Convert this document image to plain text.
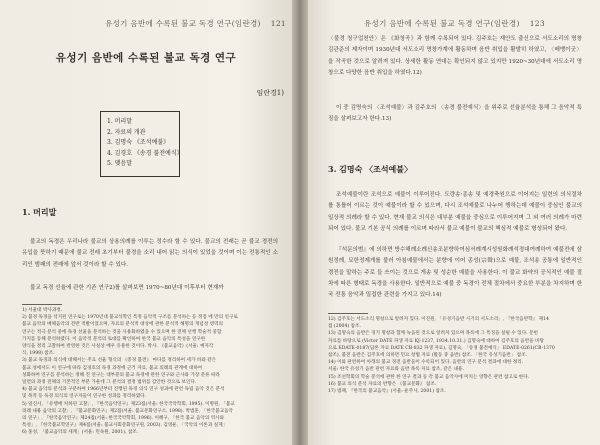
유성기 음반에 수록된 불교 독경 연구(임란경) 121
유성기 음반에 수록된 불교 독경 연구
임란경1)
1. 머리말
2. 자료의 개관
3. 김명숙 《조석예불》
4. 김경호 《송경 불전예식》
5. 맺음말
1. 머리말
불교의 독경은 우리나라 불교의 상용의례를 이루는 정수라 할 수 있다. 불교의 전래는 곧 불교 경전의 유입을 뜻하기 때문에 불교 전래 초기부터 불경을 소리 내어 읽는 의식이 있었을 것이며 이는 전통적인 소리인 범패의 전래에 앞서 것이라 할 수 있다.
불교 독경 선율에 관한 기존 연구2)를 살펴보면 1970~80년대 이후부터 현재까
1) 서울대 박사과정.
2) 불경 독경을 석지된 연구로는 1970년대 불교석학인 특정 음악적 구조를 분석하는 등 정점 애 만의 연구로
불교 음악의 매체음악의 전반 적발이었으며, 자료의 분석적 대상에 관한 분석적 해명의 개념성 영역의
연구는 적극 분석 중에 독경 선율을 분석하는 것을 사용화하였을 수 있으며 한 전체 선행 학술적 중합
가지를 동해 분석하였다. 이 음악적 분석의 토대를 확인하여 한국 불교 음악의 특성을 연구한
양식을 정리 고찰하여 반영한 것은 사실상 매우 유용한 것이다. 박사. 《불교음악》(서울: 예지각
식, 1998) 참조.
3) 불교 독경과 의식에 대해서는 주요 선율 형식의 《증경 불전》 마다를 정리하여 세가 바와 같은
불교 성에서도 이 연구에 따라 김경호의 독경 과정에 근거 자료, 불교 의례의 관계에 대하여
성화하여 연구를 분석하는 정해 진 연구는 대부분의 불교 독경에 관한 연구와 근사와 가장 분류 따라
일련의 과정 전체의 기본적인 부분 가운데 그 분석의 결정 범위를 감안한 것으로 보인다.
4) 불교 음악의 분석과 구분하여 1966년부터 진행된 독경 의식 연구 성과에 관련 독립 음악 것은 분석
및 목적 등 독경 의식의 연구자들이 연구한 성과를 정리하였다.
5) 일신사, 「유행에 처하된 고찰」, 『한국음악연구』제23집(서울: 한국국악학회, 1995). 이병원, 「불교
의례 내용 음악의 고찰」, 『불교문화연구』제2집(서울: 불교문화연구소, 1998). 박범훈, 「한국불교음악
의 연구」, 『한국음악연구』제24집(서울: 한국국악학회, 1996). 이혜구, 「한국 불교 음악의 역사와
특성」, 『한국불교학연구』제4집(서울: 불교사회문화연구원, 2003). 김영운, 「국악의 이론과 실제」
6) 홍성, 「불교음악의 세계」(서울: 민속원, 2001), 참조.
유성기 음반에 수록된 불교 독경 연구(임란경) 123
〈불경 청구업천안〉은 《화청곡》과 함께 수록되어 있다. 김주호는 재안도 출신으로 서도소리의 명창 김관준의 제자이며 1930년대 서도소리 명창가계에 활동하며 음반 취입을 활발히 하였고, 〈배뱅이굿〉을 작곡한 것으로 알려져 있다. 상세한 활동 연대는 확인되지 않고 있지만 1920~30년대에 서도소리 명창으로 다양한 음반 취입을 하였다.12)
이 중 김명숙의 〈조석예불〉과 김주호의 〈송경 불전예식〉을 위주로 선율분석을 통해 그 음악적 특징을 살펴보고자 한다.13)
3. 김명숙 〈조석예불〉
조석예불이란 조석으로 예불이 이루어진다. 도량송·종송 및 예경축원으로 이어지는 일련의 의식절차를 통틀어 이르는 것이 예불이라 할 수 있으며, 다시 조석예불로 나누어 행하는데 예불이 중심인 불교의 일상적 의례라 할 수 있다. 현재 불교 의식은 대부분 예불을 중심으로 이루어지며 그 외 여러 의례가 마련되어 있다. 불교 기본 공식 의례를 이르며 따라서 불교 예불이 불교의 핵심적 예불로 형성되어 왔다.
『석문의범』에 의하면 방수해례소례신송조분향하여심서례계시성원화례석정대여례하여 예불전에 삼원정례, 묘한정제게를 불러 아침예불에서는 분향에 이어 종성(宗聲)으로 예불, 조석송 공통에 일반적인 경전을 말하는 주로 들 쓰이는 것으로 게송 및 성순한 예불을 사용한다. 이 불교 화약의 공식적인 예불 절차에 따른 형태로 독경을 사용한다. 일반적으로 예불 중 독경이 전체 절차에서 중요한 부분을 차지하며 한국 전통 음악과 밀접한 관련을 가지고 있다.14)
12) 김주호는 서도소리 명창으로 알려져 있다. 이진원, 「유성기음반 시기의 서도소리」, 『한국음반학』 제14
집 (2004) 참조.
13) 김명숙의 음반은 경기 명창과 함께 녹음된 것으로 알려져 있으며 목록에 그 특징을 살필 수 있다. 문헌
자료를 바탕으로 (Victor DATE 파생 자료 KJ-1237, 1934.10.31.) 김명숙에 대하여 김주호의 음반을 바탕
으로 EDATE-0187(담론 자료 DATE CB-832 파생 자료), 김명숙, 「송경 불전예식」 EDATE-0261(CB-1370
참조), 불전 음반은 김주호에 의하면 민요 창법 자료 (활동 중 음반) 참조. 「한국 유성기음반」 참조.
14) 이와 관련하여 아래의 불교 경전 음반들이 수록되어 있다. 음반의 연구 분석 결과에 대한 정리.
서울: 한국 유성기 음반 관련 자료와 음반 목록 자료 참조, 같은 내용.
15) 조선학회의 학술 분석에 관한 한 연구 결과 등 각 불교 음악사에 미치는 영향은 관련 참고로 한다.
16) 불교 의식 분석 자료의 반향은 《불교문화》 참조.
17) 범패, 『한국의 불교음악』(서울: 운주사, 2001) 참조.
